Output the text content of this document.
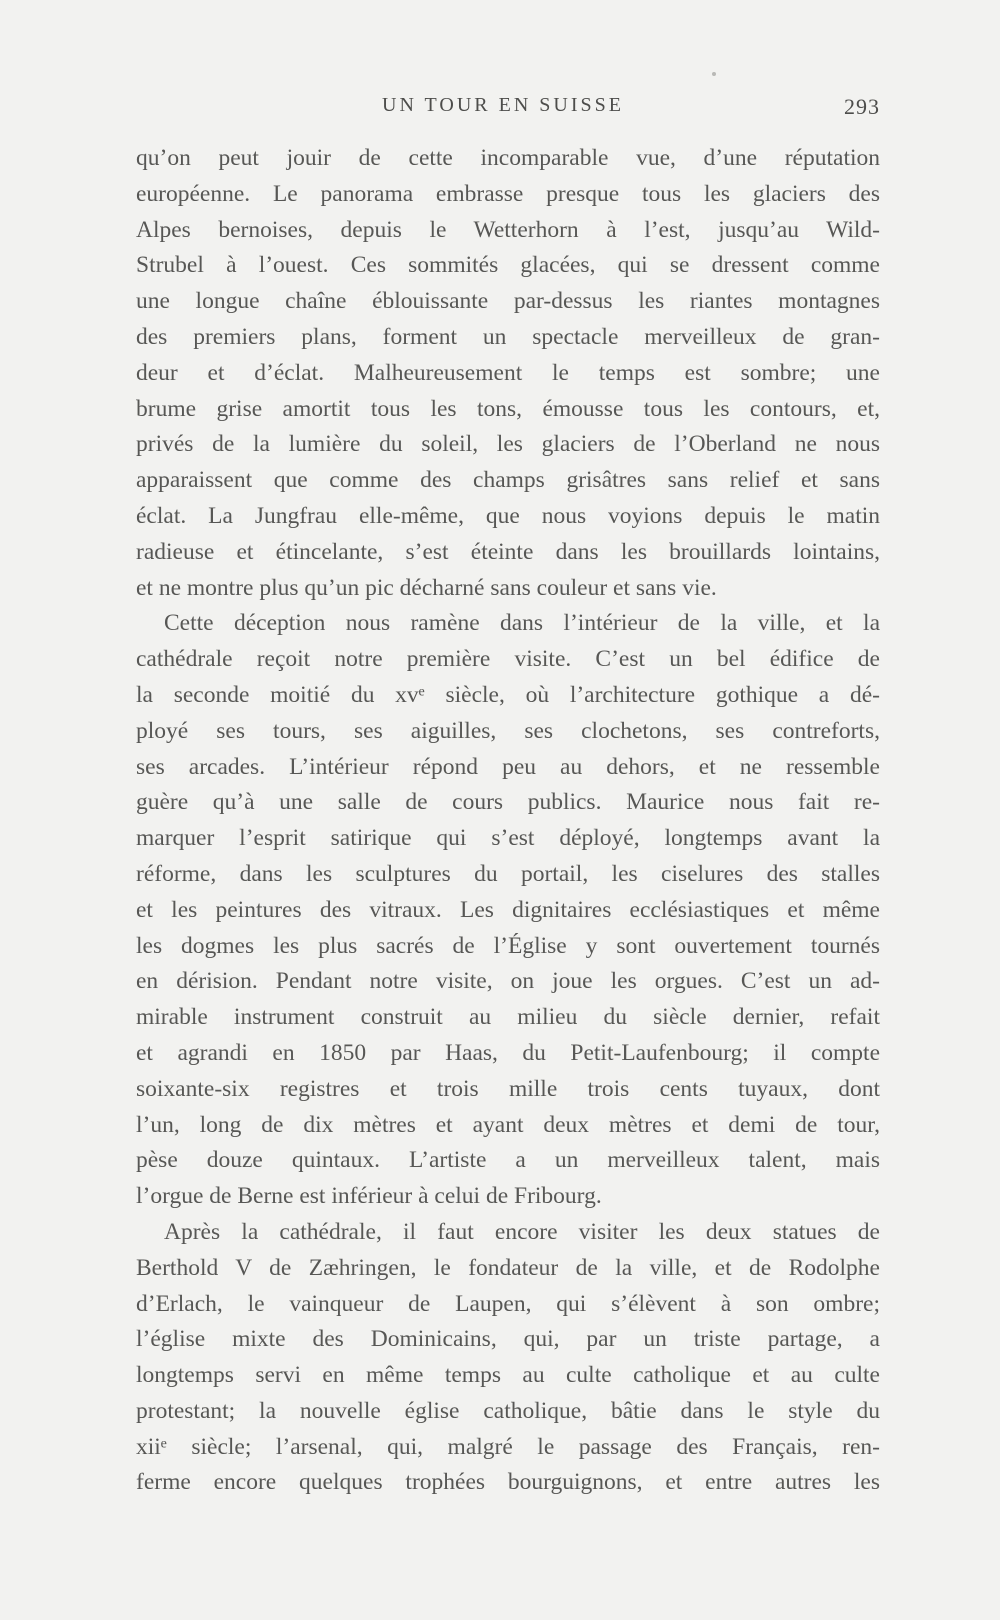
UN TOUR EN SUISSE	293

qu’on peut jouir de cette incomparable vue, d’une réputation
européenne. Le panorama embrasse presque tous les glaciers des
Alpes bernoises, depuis le Wetterhorn à l’est, jusqu’au Wild-
Strubel à l’ouest. Ces sommités glacées, qui se dressent comme
une longue chaîne éblouissante par-dessus les riantes montagnes
des premiers plans, forment un spectacle merveilleux de gran-
deur et d’éclat. Malheureusement le temps est sombre; une
brume grise amortit tous les tons, émousse tous les contours, et,
privés de la lumière du soleil, les glaciers de l’Oberland ne nous
apparaissent que comme des champs grisâtres sans relief et sans
éclat. La Jungfrau elle-même, que nous voyions depuis le matin
radieuse et étincelante, s’est éteinte dans les brouillards lointains,
et ne montre plus qu’un pic décharné sans couleur et sans vie.

Cette déception nous ramène dans l’intérieur de la ville, et la
cathédrale reçoit notre première visite. C’est un bel édifice de
la seconde moitié du xvᵉ siècle, où l’architecture gothique a dé-
ployé ses tours, ses aiguilles, ses clochetons, ses contreforts,
ses arcades. L’intérieur répond peu au dehors, et ne ressemble
guère qu’à une salle de cours publics. Maurice nous fait re-
marquer l’esprit satirique qui s’est déployé, longtemps avant la
réforme, dans les sculptures du portail, les ciselures des stalles
et les peintures des vitraux. Les dignitaires ecclésiastiques et même
les dogmes les plus sacrés de l’Église y sont ouvertement tournés
en dérision. Pendant notre visite, on joue les orgues. C’est un ad-
mirable instrument construit au milieu du siècle dernier, refait
et agrandi en 1850 par Haas, du Petit-Laufenbourg; il compte
soixante-six registres et trois mille trois cents tuyaux, dont
l’un, long de dix mètres et ayant deux mètres et demi de tour,
pèse douze quintaux. L’artiste a un merveilleux talent, mais
l’orgue de Berne est inférieur à celui de Fribourg.

Après la cathédrale, il faut encore visiter les deux statues de
Berthold V de Zæhringen, le fondateur de la ville, et de Rodolphe
d’Erlach, le vainqueur de Laupen, qui s’élèvent à son ombre;
l’église mixte des Dominicains, qui, par un triste partage, a
longtemps servi en même temps au culte catholique et au culte
protestant; la nouvelle église catholique, bâtie dans le style du
xiiᵉ siècle; l’arsenal, qui, malgré le passage des Français, ren-
ferme encore quelques trophées bourguignons, et entre autres les
